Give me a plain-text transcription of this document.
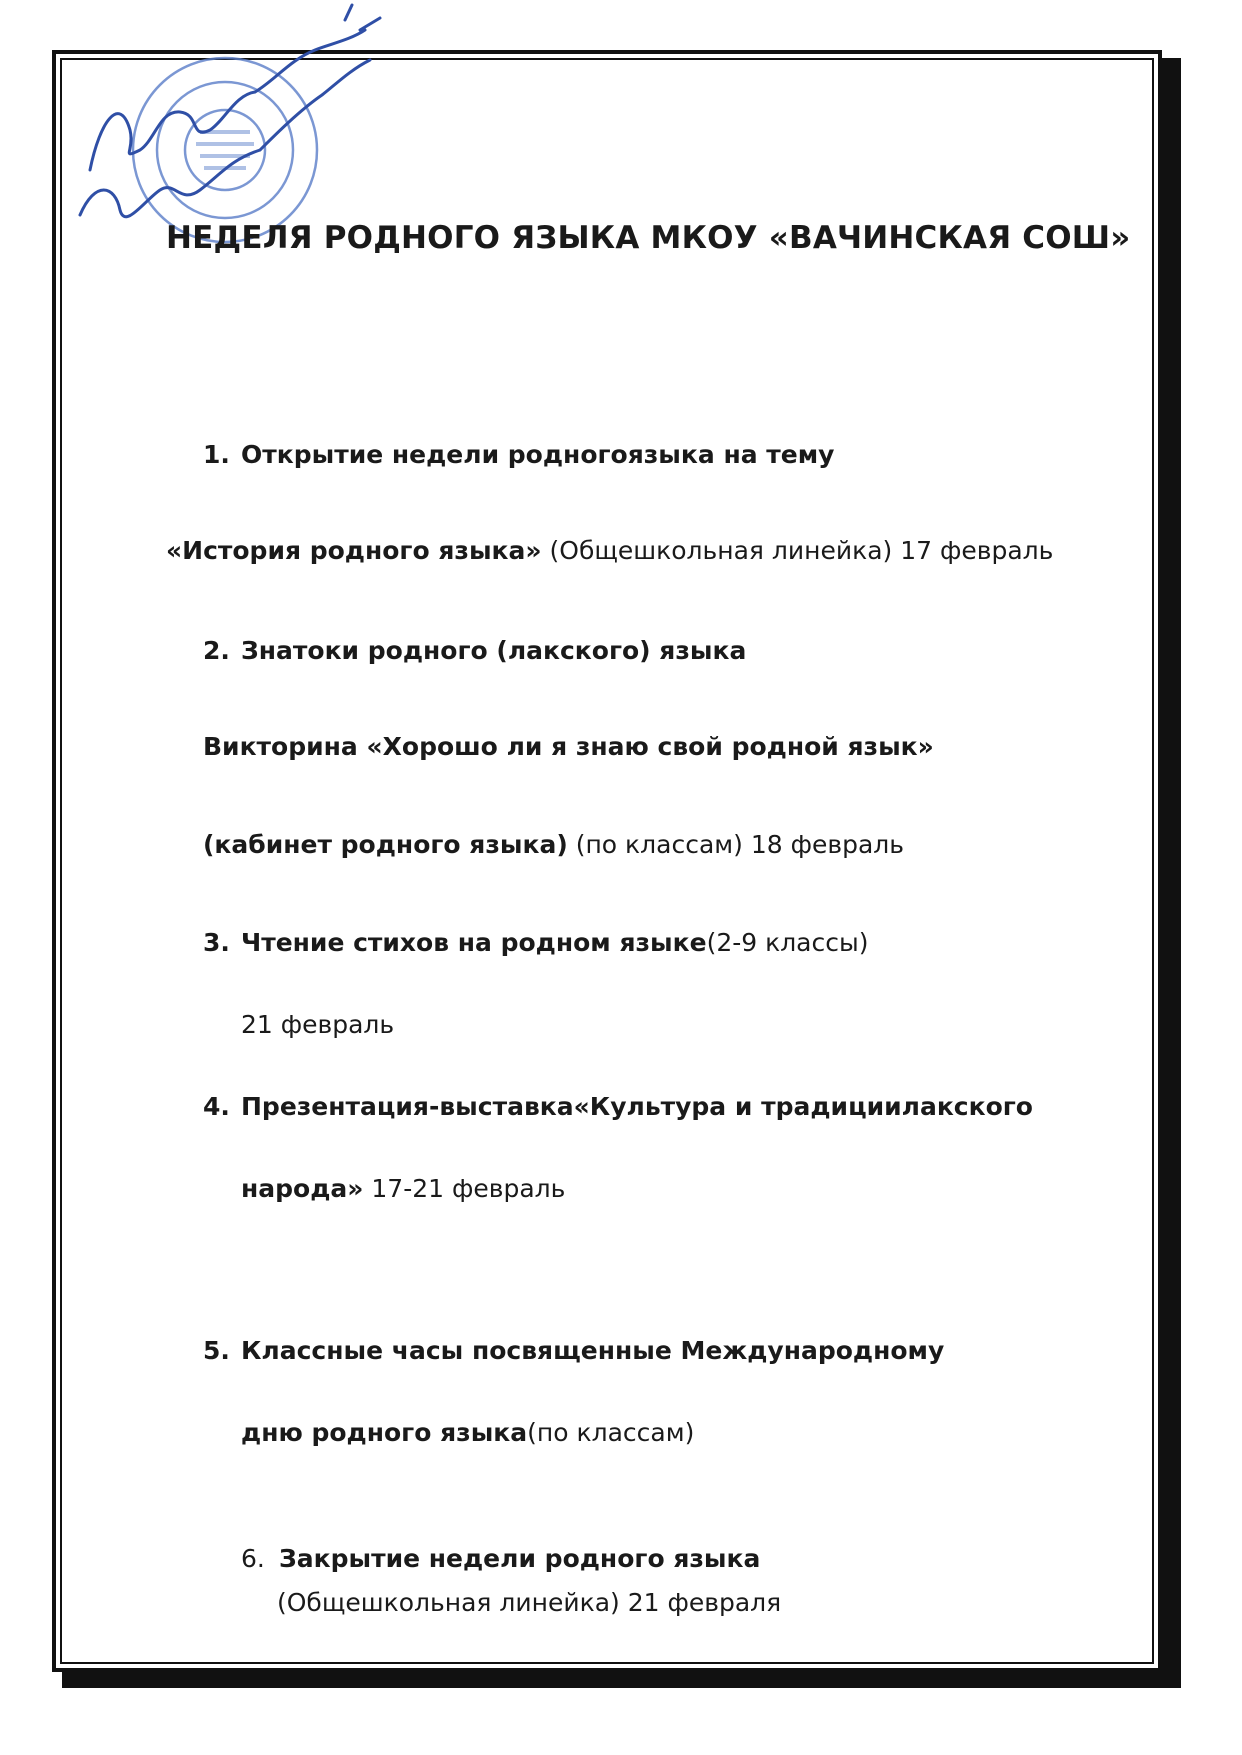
НЕДЕЛЯ РОДНОГО ЯЗЫКА МКОУ «ВАЧИНСКАЯ СОШ»
1. Открытие недели родногоязыка на тему
«История родного языка» (Общешкольная линейка) 17 февраль
2. Знатоки родного (лакского) языка
Викторина «Хорошо ли я знаю свой родной язык»
(кабинет родного языка) (по классам) 18 февраль
3. Чтение стихов на родном языке(2-9 классы)
21 февраль
4. Презентация-выставка«Культура и традициилакского
народа» 17-21 февраль
5. Классные часы посвященные Международному
дню родного языка(по классам)
6. Закрытие недели родного языка
(Общешкольная линейка) 21 февраля
